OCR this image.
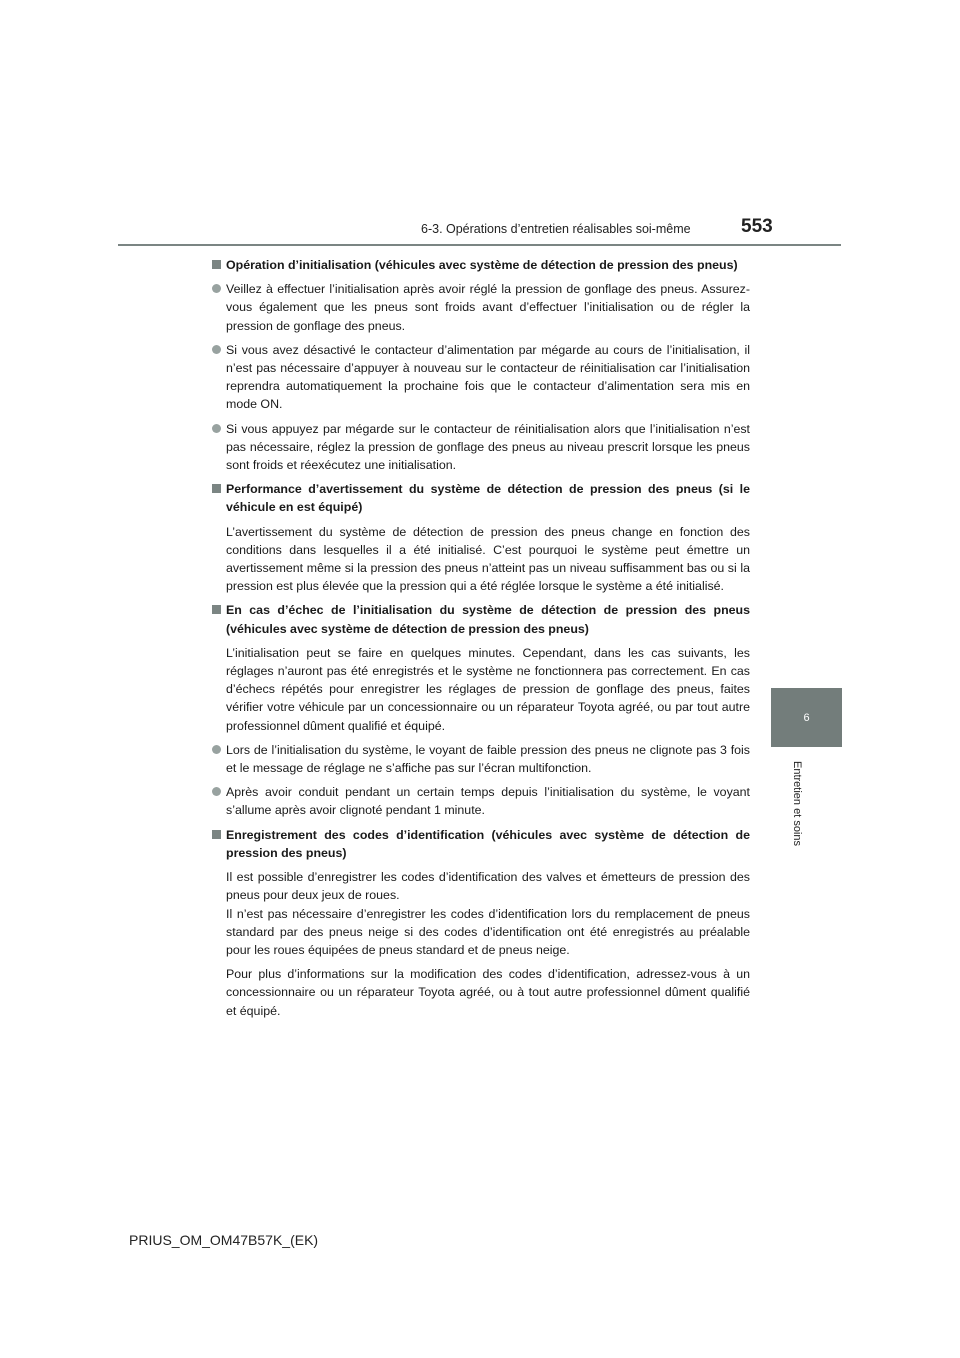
6-3. Opérations d’entretien réalisables soi-même	553
6
Entretien et soins
Opération d’initialisation (véhicules avec système de détection de pression des pneus)
Veillez à effectuer l’initialisation après avoir réglé la pression de gonflage des pneus. Assurez-vous également que les pneus sont froids avant d’effectuer l’initialisation ou de régler la pression de gonflage des pneus.
Si vous avez désactivé le contacteur d’alimentation par mégarde au cours de l’initialisation, il n’est pas nécessaire d’appuyer à nouveau sur le contacteur de réinitialisation car l’initialisation reprendra automatiquement la prochaine fois que le contacteur d’alimentation sera mis en mode ON.
Si vous appuyez par mégarde sur le contacteur de réinitialisation alors que l’initialisation n’est pas nécessaire, réglez la pression de gonflage des pneus au niveau prescrit lorsque les pneus sont froids et réexécutez une initialisation.
Performance d’avertissement du système de détection de pression des pneus (si le véhicule en est équipé)
L’avertissement du système de détection de pression des pneus change en fonction des conditions dans lesquelles il a été initialisé. C’est pourquoi le système peut émettre un avertissement même si la pression des pneus n’atteint pas un niveau suffisamment bas ou si la pression est plus élevée que la pression qui a été réglée lorsque le système a été initialisé.
En cas d’échec de l’initialisation du système de détection de pression des pneus (véhicules avec système de détection de pression des pneus)
L’initialisation peut se faire en quelques minutes. Cependant, dans les cas suivants, les réglages n’auront pas été enregistrés et le système ne fonctionnera pas correctement. En cas d’échecs répétés pour enregistrer les réglages de pression de gonflage des pneus, faites vérifier votre véhicule par un concessionnaire ou un réparateur Toyota agréé, ou par tout autre professionnel dûment qualifié et équipé.
Lors de l’initialisation du système, le voyant de faible pression des pneus ne clignote pas 3 fois et le message de réglage ne s’affiche pas sur l’écran multifonction.
Après avoir conduit pendant un certain temps depuis l’initialisation du système, le voyant s’allume après avoir clignoté pendant 1 minute.
Enregistrement des codes d’identification (véhicules avec système de détection de pression des pneus)
Il est possible d’enregistrer les codes d’identification des valves et émetteurs de pression des pneus pour deux jeux de roues.
Il n’est pas nécessaire d’enregistrer les codes d’identification lors du remplacement de pneus standard par des pneus neige si des codes d’identification ont été enregistrés au préalable pour les roues équipées de pneus standard et de pneus neige.
Pour plus d’informations sur la modification des codes d’identification, adressez-vous à un concessionnaire ou un réparateur Toyota agréé, ou à tout autre professionnel dûment qualifié et équipé.
PRIUS_OM_OM47B57K_(EK)
